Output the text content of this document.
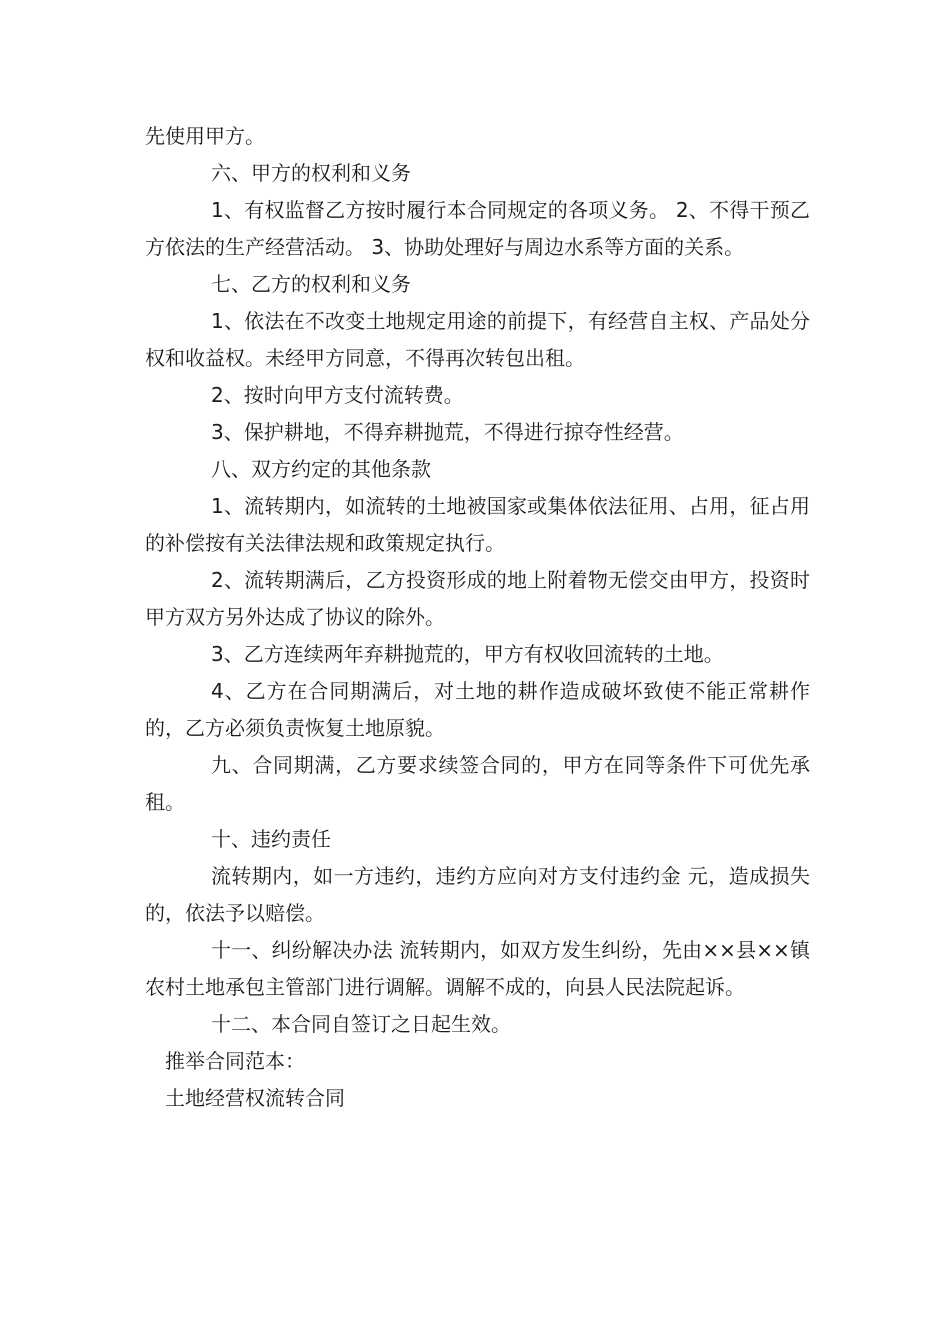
先使用甲方。

六、甲方的权利和义务

1、有权监督乙方按时履行本合同规定的各项义务。 2、不得干预乙方依法的生产经营活动。 3、协助处理好与周边水系等方面的关系。

七、乙方的权利和义务

1、依法在不改变土地规定用途的前提下，有经营自主权、产品处分权和收益权。未经甲方同意，不得再次转包出租。

2、按时向甲方支付流转费。

3、保护耕地，不得弃耕抛荒，不得进行掠夺性经营。

八、双方约定的其他条款

1、流转期内，如流转的土地被国家或集体依法征用、占用，征占用的补偿按有关法律法规和政策规定执行。

2、流转期满后，乙方投资形成的地上附着物无偿交由甲方，投资时甲方双方另外达成了协议的除外。

3、乙方连续两年弃耕抛荒的，甲方有权收回流转的土地。

4、乙方在合同期满后，对土地的耕作造成破坏致使不能正常耕作的，乙方必须负责恢复土地原貌。

九、合同期满，乙方要求续签合同的，甲方在同等条件下可优先承租。

十、违约责任

流转期内，如一方违约，违约方应向对方支付违约金 元，造成损失的，依法予以赔偿。

十一、纠纷解决办法 流转期内，如双方发生纠纷，先由××县××镇农村土地承包主管部门进行调解。调解不成的，向县人民法院起诉。

十二、本合同自签订之日起生效。

推举合同范本：

土地经营权流转合同
